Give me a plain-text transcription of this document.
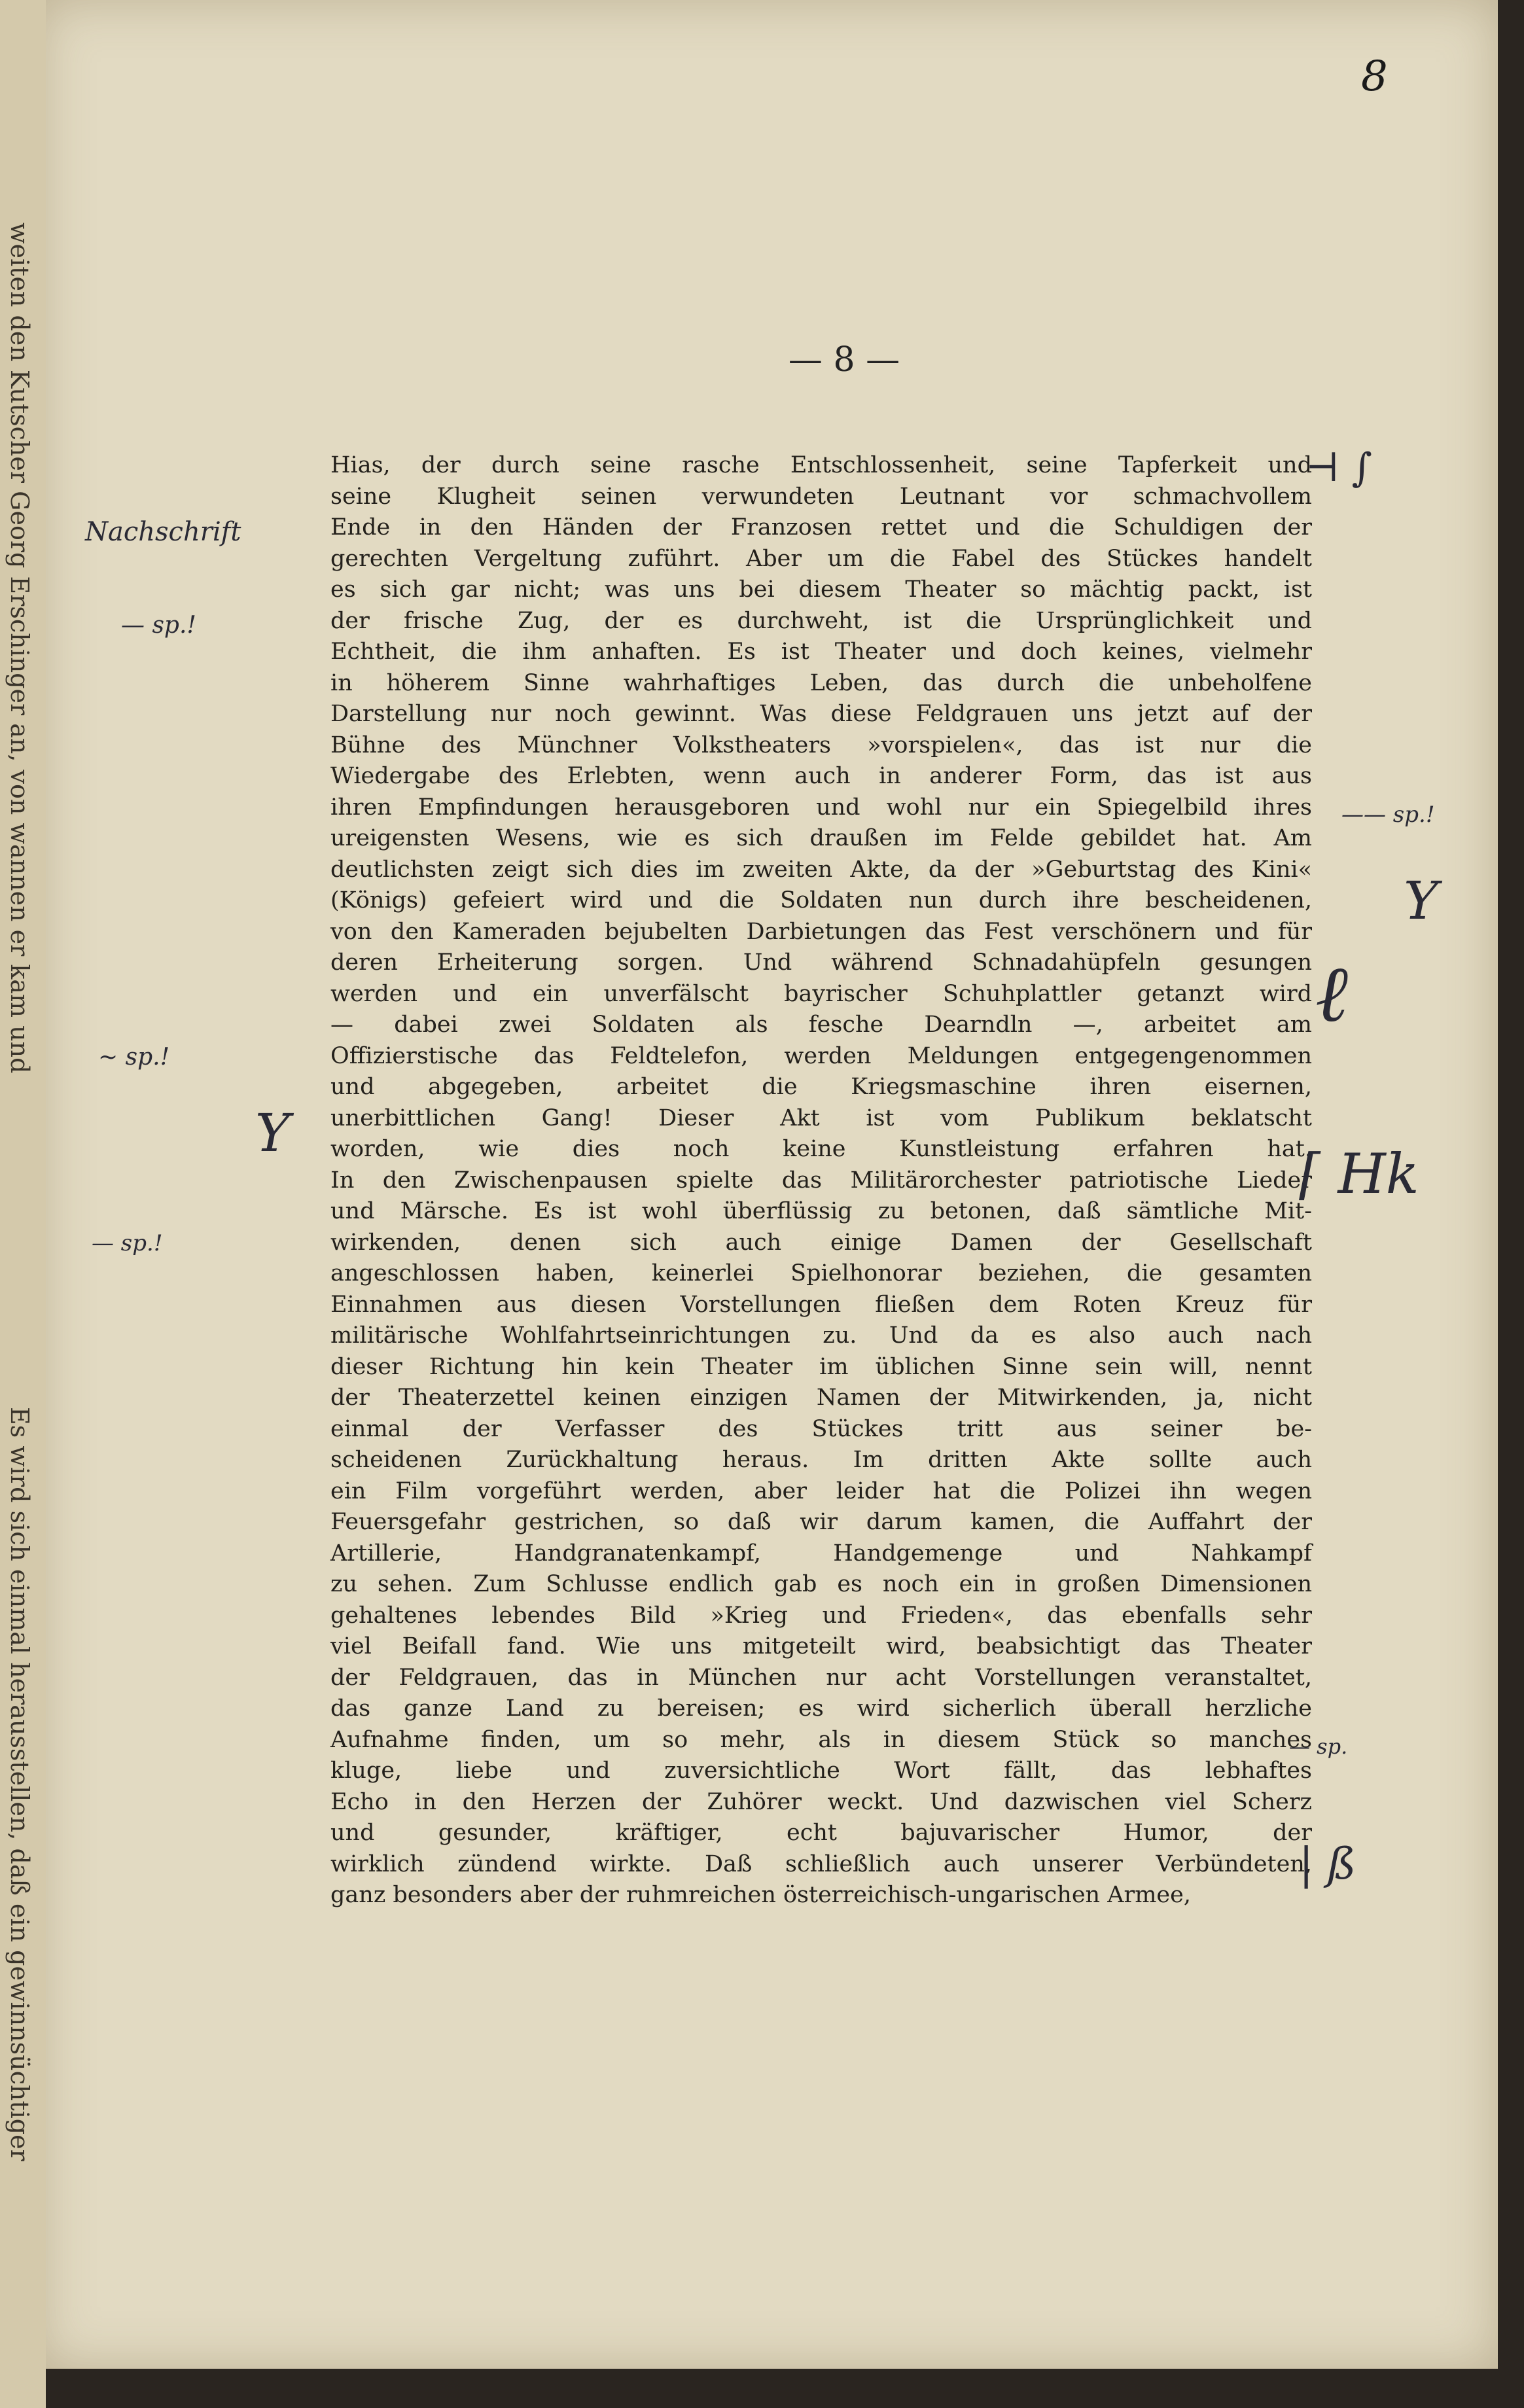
8
— 8 —
Hias, der durch seine rasche Entschlossenheit, seine Tapferkeit und
seine Klugheit seinen verwundeten Leutnant vor schmachvollem
Ende in den Händen der Franzosen rettet und die Schuldigen der
gerechten Vergeltung zuführt. Aber um die Fabel des Stückes handelt
es sich gar nicht; was uns bei diesem Theater so mächtig packt, ist
der frische Zug, der es durchweht, ist die Ursprünglichkeit und
Echtheit, die ihm anhaften. Es ist Theater und doch keines, vielmehr
in höherem Sinne wahrhaftiges Leben, das durch die unbeholfene
Darstellung nur noch gewinnt. Was diese Feldgrauen uns jetzt auf der
Bühne des Münchner Volkstheaters »vorspielen«, das ist nur die
Wiedergabe des Erlebten, wenn auch in anderer Form, das ist aus
ihren Empfindungen herausgeboren und wohl nur ein Spiegelbild ihres
ureigensten Wesens, wie es sich draußen im Felde gebildet hat. Am
deutlichsten zeigt sich dies im zweiten Akte, da der »Geburtstag des Kini«
(Königs) gefeiert wird und die Soldaten nun durch ihre bescheidenen,
von den Kameraden bejubelten Darbietungen das Fest verschönern und für
deren Erheiterung sorgen. Und während Schnadahüpfeln gesungen
werden und ein unverfälscht bayrischer Schuhplattler getanzt wird
— dabei zwei Soldaten als fesche Dearndln —, arbeitet am
Offizierstische das Feldtelefon, werden Meldungen entgegengenommen
und abgegeben, arbeitet die Kriegsmaschine ihren eisernen,
unerbittlichen Gang! Dieser Akt ist vom Publikum beklatscht
worden, wie dies noch keine Kunstleistung erfahren hat.
In den Zwischenpausen spielte das Militärorchester patriotische Lieder
und Märsche. Es ist wohl überflüssig zu betonen, daß sämtliche Mit-
wirkenden, denen sich auch einige Damen der Gesellschaft
angeschlossen haben, keinerlei Spielhonorar beziehen, die gesamten
Einnahmen aus diesen Vorstellungen fließen dem Roten Kreuz für
militärische Wohlfahrtseinrichtungen zu. Und da es also auch nach
dieser Richtung hin kein Theater im üblichen Sinne sein will, nennt
der Theaterzettel keinen einzigen Namen der Mitwirkenden, ja, nicht
einmal der Verfasser des Stückes tritt aus seiner be-
scheidenen Zurückhaltung heraus. Im dritten Akte sollte auch
ein Film vorgeführt werden, aber leider hat die Polizei ihn wegen
Feuersgefahr gestrichen, so daß wir darum kamen, die Auffahrt der
Artillerie, Handgranatenkampf, Handgemenge und Nahkampf
zu sehen. Zum Schlusse endlich gab es noch ein in großen Dimensionen
gehaltenes lebendes Bild »Krieg und Frieden«, das ebenfalls sehr
viel Beifall fand. Wie uns mitgeteilt wird, beabsichtigt das Theater
der Feldgrauen, das in München nur acht Vorstellungen veranstaltet,
das ganze Land zu bereisen; es wird sicherlich überall herzliche
Aufnahme finden, um so mehr, als in diesem Stück so manches
kluge, liebe und zuversichtliche Wort fällt, das lebhaftes
Echo in den Herzen der Zuhörer weckt. Und dazwischen viel Scherz
und gesunder, kräftiger, echt bajuvarischer Humor, der
wirklich zündend wirkte. Daß schließlich auch unserer Verbündeten,
ganz besonders aber der ruhmreichen österreichisch-ungarischen Armee,
⊣ ∫
Nachschrift
— sp.!
—— sp.!
Y
ℓ
~ sp.!
Y
⌈ Hk
— sp.!
— sp.
| ß
weiten den Kutscher Georg Erschinger an, von wannen er kam und
Es wird sich einmal herausstellen, daß ein gewinnsüchtiger
